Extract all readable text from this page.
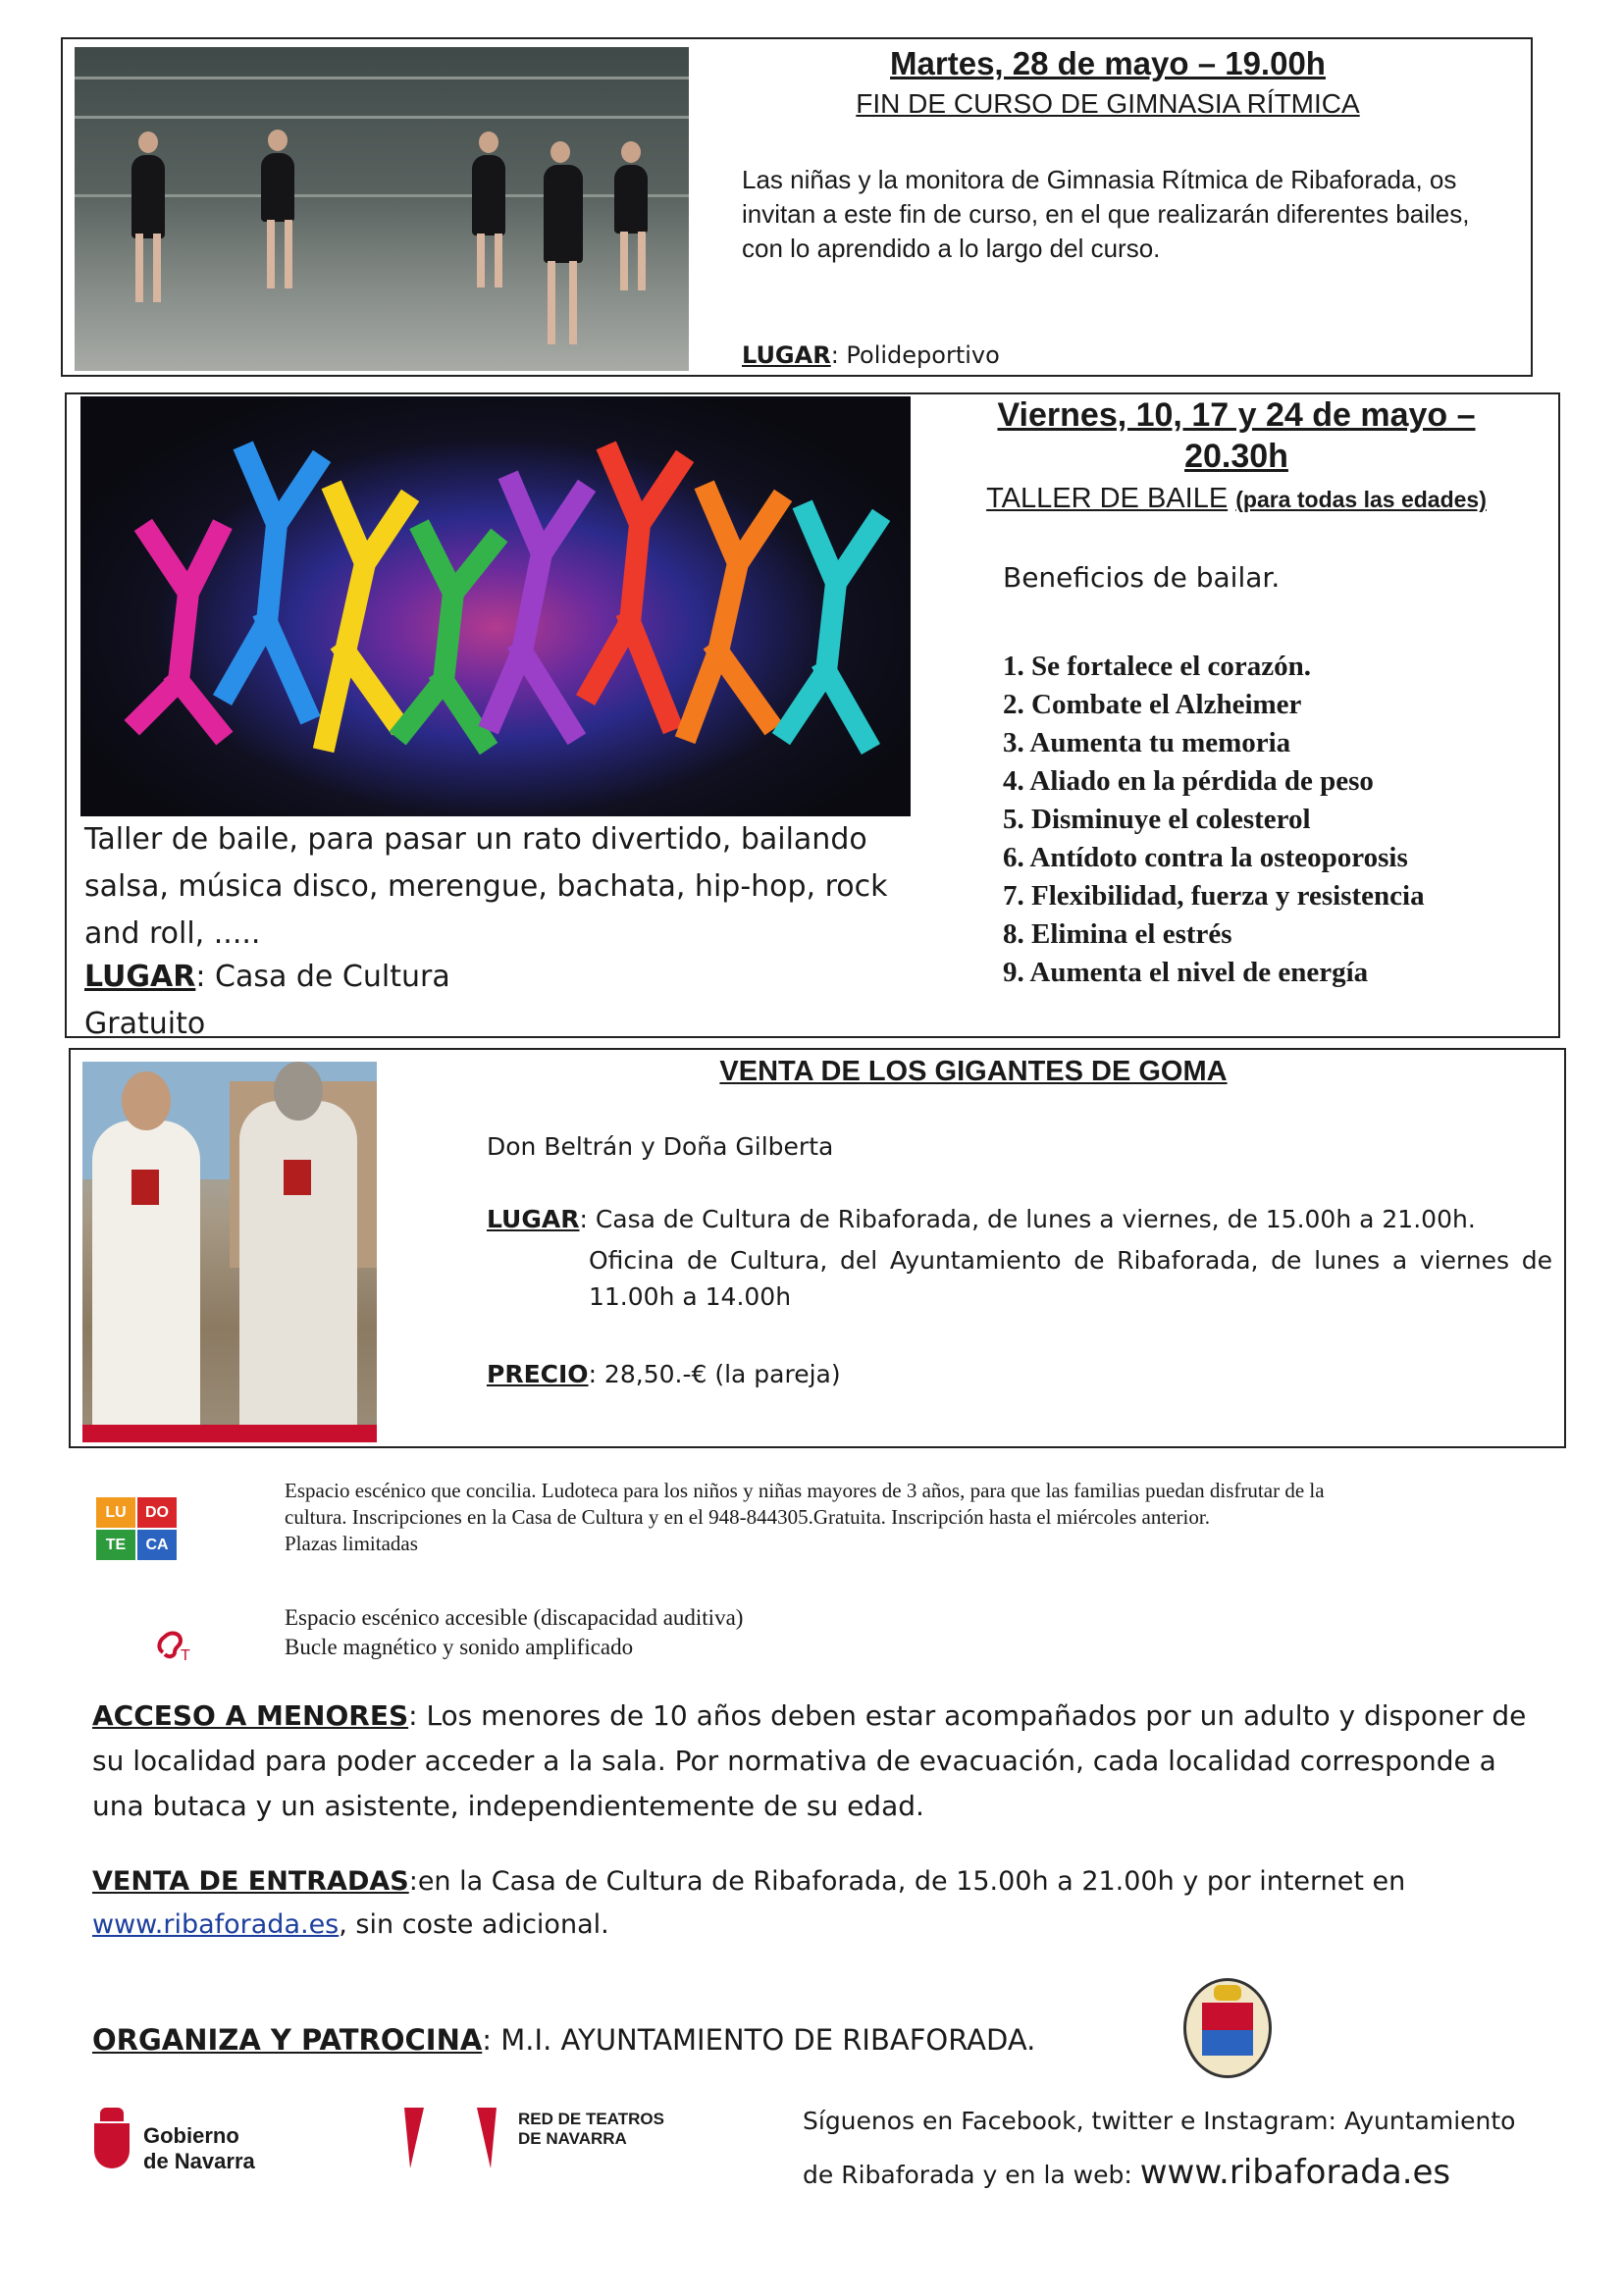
Martes, 28 de mayo – 19.00h
FIN DE CURSO DE GIMNASIA RÍTMICA
Las niñas y la monitora de Gimnasia Rítmica de Ribaforada, os invitan a este fin de curso, en el que realizarán diferentes bailes, con lo aprendido a lo largo del curso.
LUGAR: Polideportivo
Viernes, 10, 17 y 24 de mayo –
20.30h
TALLER DE BAILE (para todas las edades)
Beneficios de bailar.
1. Se fortalece el corazón.
2. Combate el Alzheimer
3. Aumenta tu memoria
4. Aliado en la pérdida de peso
5. Disminuye el colesterol
6. Antídoto contra la osteoporosis
7. Flexibilidad, fuerza y resistencia
8. Elimina el estrés
9. Aumenta el nivel de energía
Taller de baile, para pasar un rato divertido, bailando salsa, música disco, merengue, bachata, hip-hop, rock and roll, .....
LUGAR: Casa de Cultura
Gratuito
VENTA DE LOS GIGANTES DE GOMA
Don Beltrán y Doña Gilberta
LUGAR: Casa de Cultura de Ribaforada, de lunes a viernes, de 15.00h a 21.00h.
Oficina de Cultura, del Ayuntamiento de Ribaforada, de lunes a viernes de 11.00h a 14.00h
PRECIO: 28,50.-€ (la pareja)
LU	DO
TE	CA
Espacio escénico que concilia. Ludoteca para los niños y niñas mayores de 3 años, para que las familias puedan disfrutar de la
cultura. Inscripciones en la Casa de Cultura y en el 948-844305.Gratuita. Inscripción hasta el miércoles anterior.
Plazas limitadas
T
Espacio escénico accesible (discapacidad auditiva)
Bucle magnético y sonido amplificado
ACCESO A MENORES: Los menores de 10 años deben estar acompañados por un adulto y disponer de su localidad para poder acceder a la sala. Por normativa de evacuación, cada localidad corresponde a una butaca y un asistente, independientemente de su edad.
VENTA DE ENTRADAS:en la Casa de Cultura de Ribaforada, de 15.00h a 21.00h y por internet en
www.ribaforada.es, sin coste adicional.
ORGANIZA Y PATROCINA: M.I. AYUNTAMIENTO DE RIBAFORADA.
Gobierno
de Navarra
RED DE TEATROS
DE NAVARRA
Síguenos en Facebook, twitter e Instagram: Ayuntamiento
de Ribaforada y en la web: www.ribaforada.es
